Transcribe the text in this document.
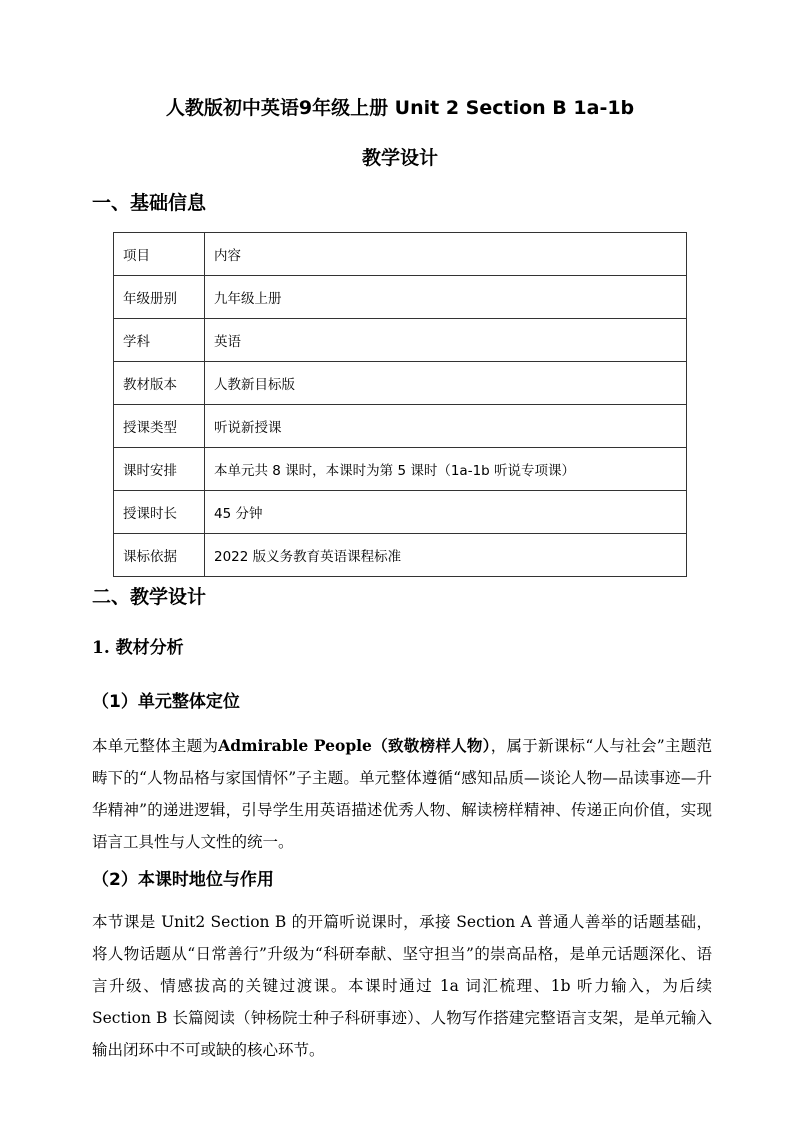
人教版初中英语9年级上册 Unit 2 Section B 1a-1b
教学设计
一、基础信息
项目	内容
年级册别	九年级上册
学科	英语
教材版本	人教新目标版
授课类型	听说新授课
课时安排	本单元共 8 课时，本课时为第 5 课时（1a-1b 听说专项课）
授课时长	45 分钟
课标依据	2022 版义务教育英语课程标准
二、教学设计
1. 教材分析
（1）单元整体定位
本单元整体主题为Admirable People（致敬榜样人物），属于新课标“人与社会”主题范畴下的“人物品格与家国情怀”子主题。单元整体遵循“感知品质—谈论人物—品读事迹—升华精神”的递进逻辑，引导学生用英语描述优秀人物、解读榜样精神、传递正向价值，实现语言工具性与人文性的统一。
（2）本课时地位与作用
本节课是 Unit2 Section B 的开篇听说课时，承接 Section A 普通人善举的话题基础，将人物话题从“日常善行”升级为“科研奉献、坚守担当”的崇高品格，是单元话题深化、语言升级、情感拔高的关键过渡课。本课时通过 1a 词汇梳理、1b 听力输入，为后续 Section B 长篇阅读（钟杨院士种子科研事迹）、人物写作搭建完整语言支架，是单元输入输出闭环中不可或缺的核心环节。
